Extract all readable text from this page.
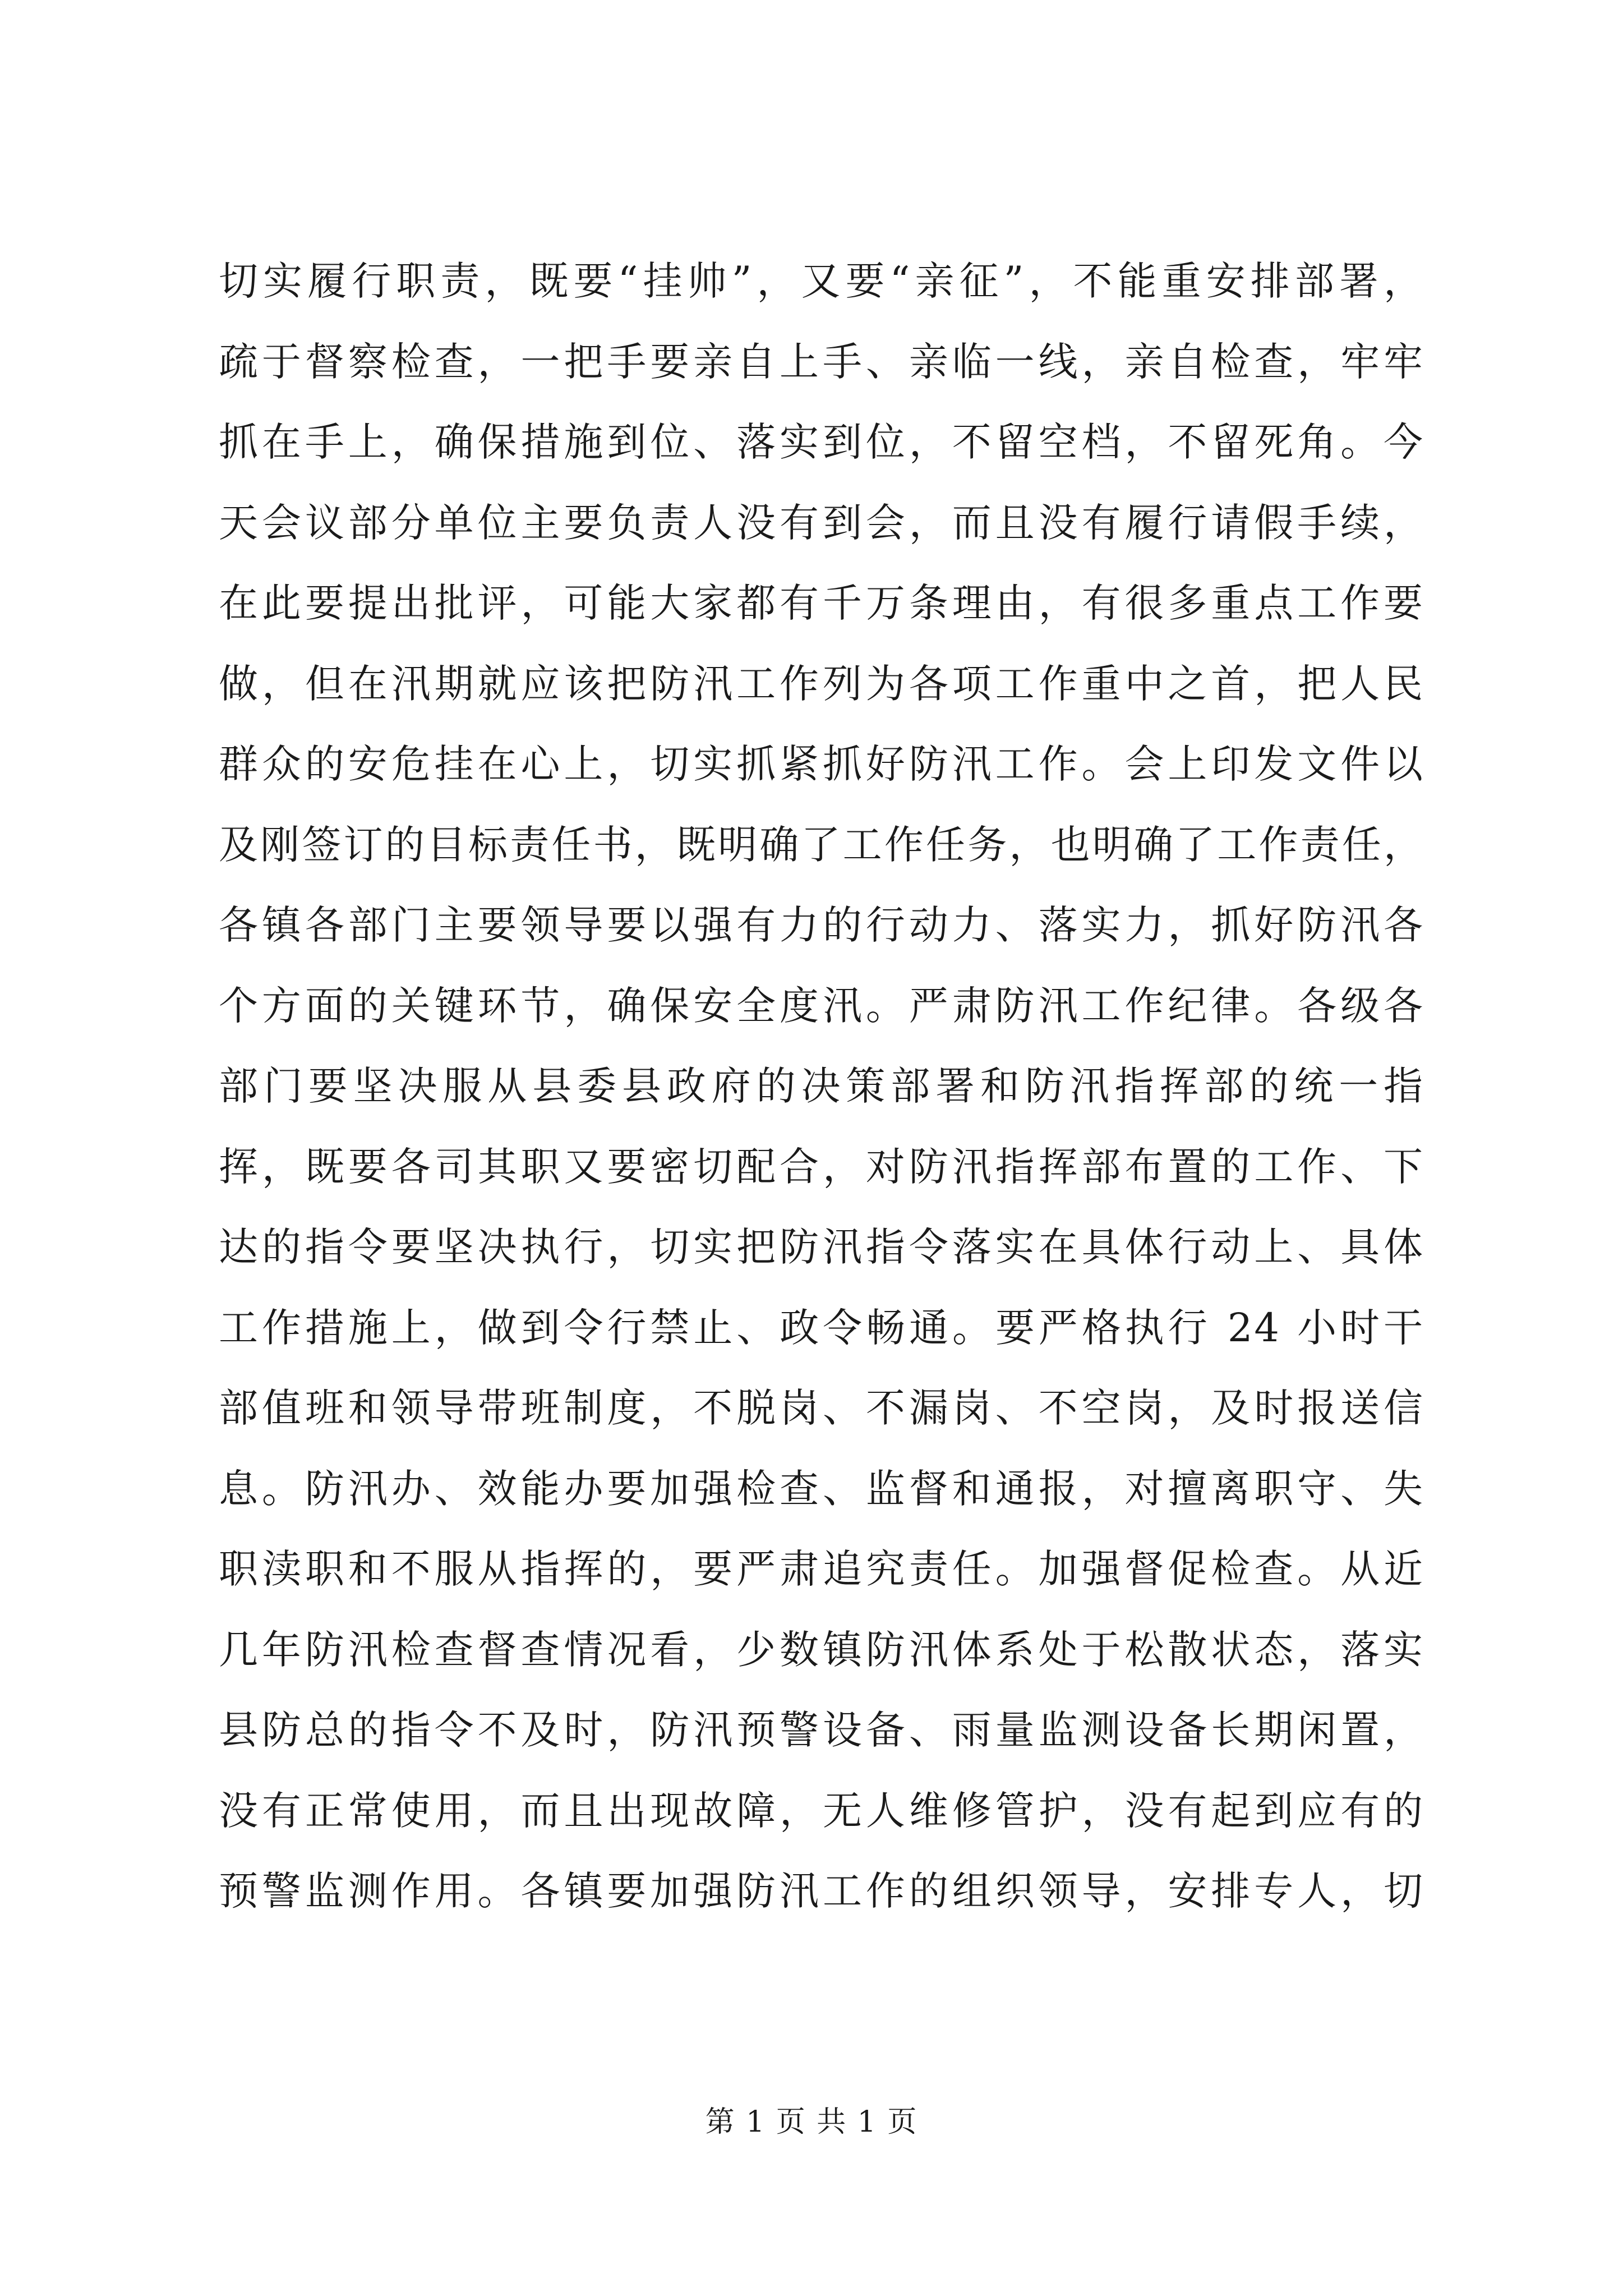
切实履行职责，既要“挂帅”，又要“亲征”，不能重安排部署，
疏于督察检查，一把手要亲自上手、亲临一线，亲自检查，牢牢
抓在手上，确保措施到位、落实到位，不留空档，不留死角。今
天会议部分单位主要负责人没有到会，而且没有履行请假手续，
在此要提出批评，可能大家都有千万条理由，有很多重点工作要
做，但在汛期就应该把防汛工作列为各项工作重中之首，把人民
群众的安危挂在心上，切实抓紧抓好防汛工作。会上印发文件以
及刚签订的目标责任书，既明确了工作任务，也明确了工作责任，
各镇各部门主要领导要以强有力的行动力、落实力，抓好防汛各
个方面的关键环节，确保安全度汛。严肃防汛工作纪律。各级各
部门要坚决服从县委县政府的决策部署和防汛指挥部的统一指
挥，既要各司其职又要密切配合，对防汛指挥部布置的工作、下
达的指令要坚决执行，切实把防汛指令落实在具体行动上、具体
工作措施上，做到令行禁止、政令畅通。要严格执行 24 小时干
部值班和领导带班制度，不脱岗、不漏岗、不空岗，及时报送信
息。防汛办、效能办要加强检查、监督和通报，对擅离职守、失
职渎职和不服从指挥的，要严肃追究责任。加强督促检查。从近
几年防汛检查督查情况看，少数镇防汛体系处于松散状态，落实
县防总的指令不及时，防汛预警设备、雨量监测设备长期闲置，
没有正常使用，而且出现故障，无人维修管护，没有起到应有的
预警监测作用。各镇要加强防汛工作的组织领导，安排专人，切
第 1 页 共 1 页
